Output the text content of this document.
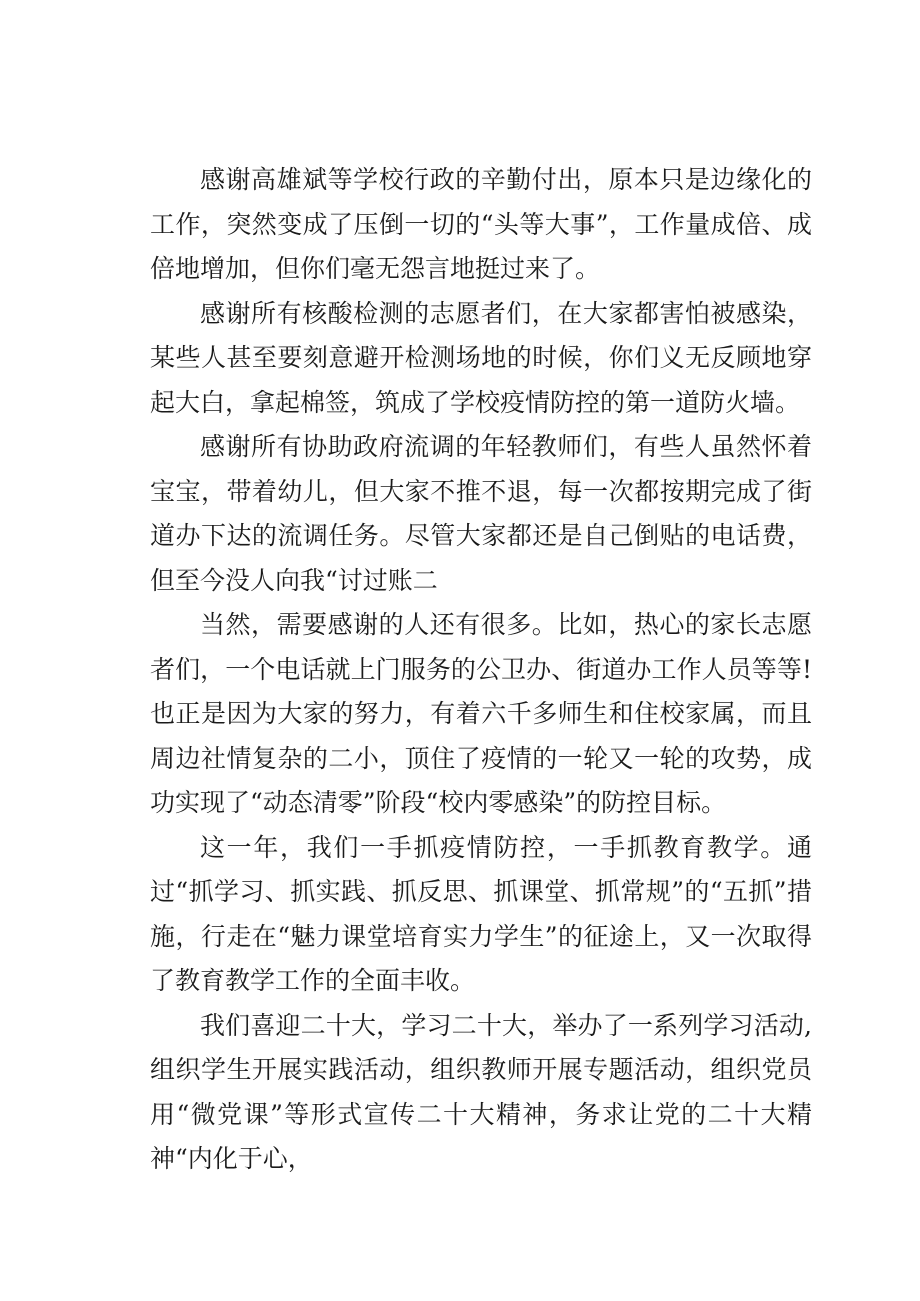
感谢高雄斌等学校行政的辛勤付出，原本只是边缘化的工作，突然变成了压倒一切的“头等大事”，工作量成倍、成倍地增加，但你们毫无怨言地挺过来了。

感谢所有核酸检测的志愿者们，在大家都害怕被感染，某些人甚至要刻意避开检测场地的时候，你们义无反顾地穿起大白，拿起棉签，筑成了学校疫情防控的第一道防火墙。

感谢所有协助政府流调的年轻教师们，有些人虽然怀着宝宝，带着幼儿，但大家不推不退，每一次都按期完成了街道办下达的流调任务。尽管大家都还是自己倒贴的电话费，但至今没人向我“讨过账二

当然，需要感谢的人还有很多。比如，热心的家长志愿者们，一个电话就上门服务的公卫办、街道办工作人员等等!也正是因为大家的努力，有着六千多师生和住校家属，而且周边社情复杂的二小，顶住了疫情的一轮又一轮的攻势，成功实现了“动态清零”阶段“校内零感染”的防控目标。

这一年，我们一手抓疫情防控，一手抓教育教学。通过“抓学习、抓实践、抓反思、抓课堂、抓常规”的“五抓”措施，行走在“魅力课堂培育实力学生”的征途上，又一次取得了教育教学工作的全面丰收。

我们喜迎二十大，学习二十大，举办了一系列学习活动,组织学生开展实践活动，组织教师开展专题活动，组织党员用“微党课”等形式宣传二十大精神，务求让党的二十大精神“内化于心，
